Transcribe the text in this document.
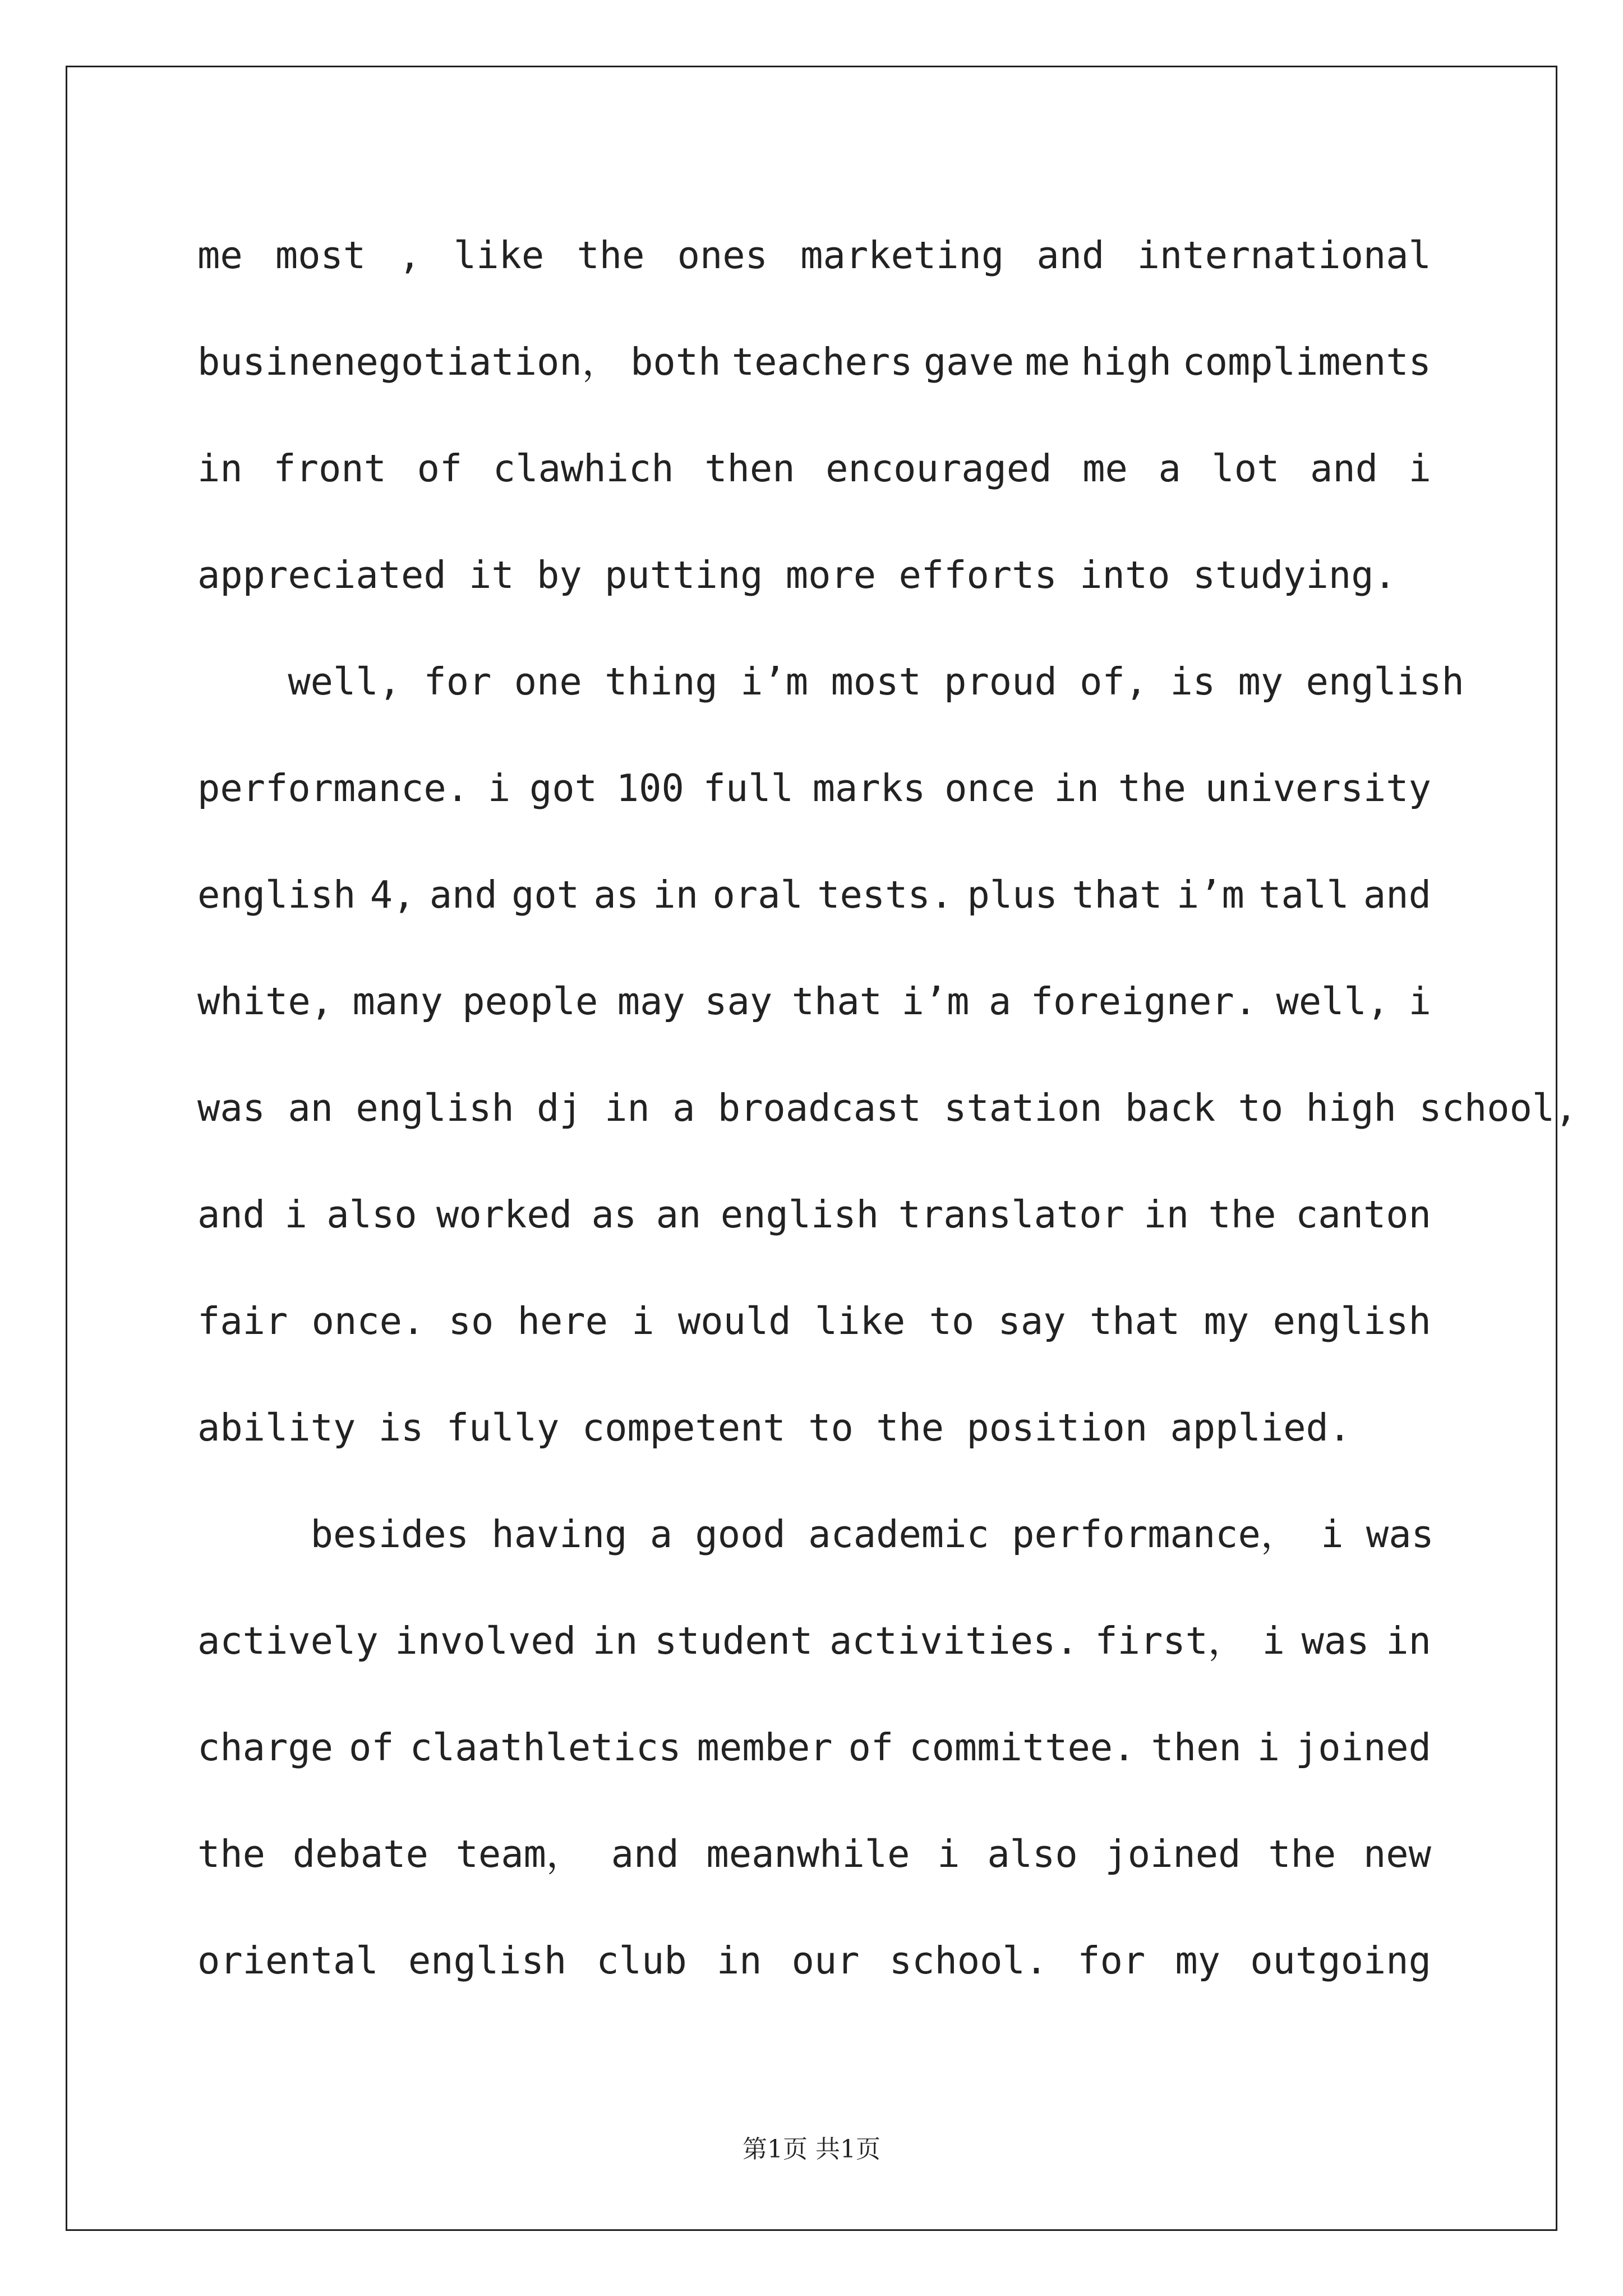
me most , like the ones marketing and international
businenegotiation， both teachers gave me high compliments
in front of clawhich then encouraged me a lot and i
appreciated it by putting more efforts into studying.
well, for one thing i’m most proud of, is my english
performance. i got 100 full marks once in the university
english 4, and got as in oral tests. plus that i’m tall and
white, many people may say that i’m a foreigner. well, i
was an english dj in a broadcast station back to high school,
and i also worked as an english translator in the canton
fair once. so here i would like to say that my english
ability is fully competent to the position applied.
besides having a good academic performance， i was
actively involved in student activities. first， i was in
charge of claathletics member of committee. then i joined
the debate team， and meanwhile i also joined the new
oriental english club in our school. for my outgoing
第1页 共1页
